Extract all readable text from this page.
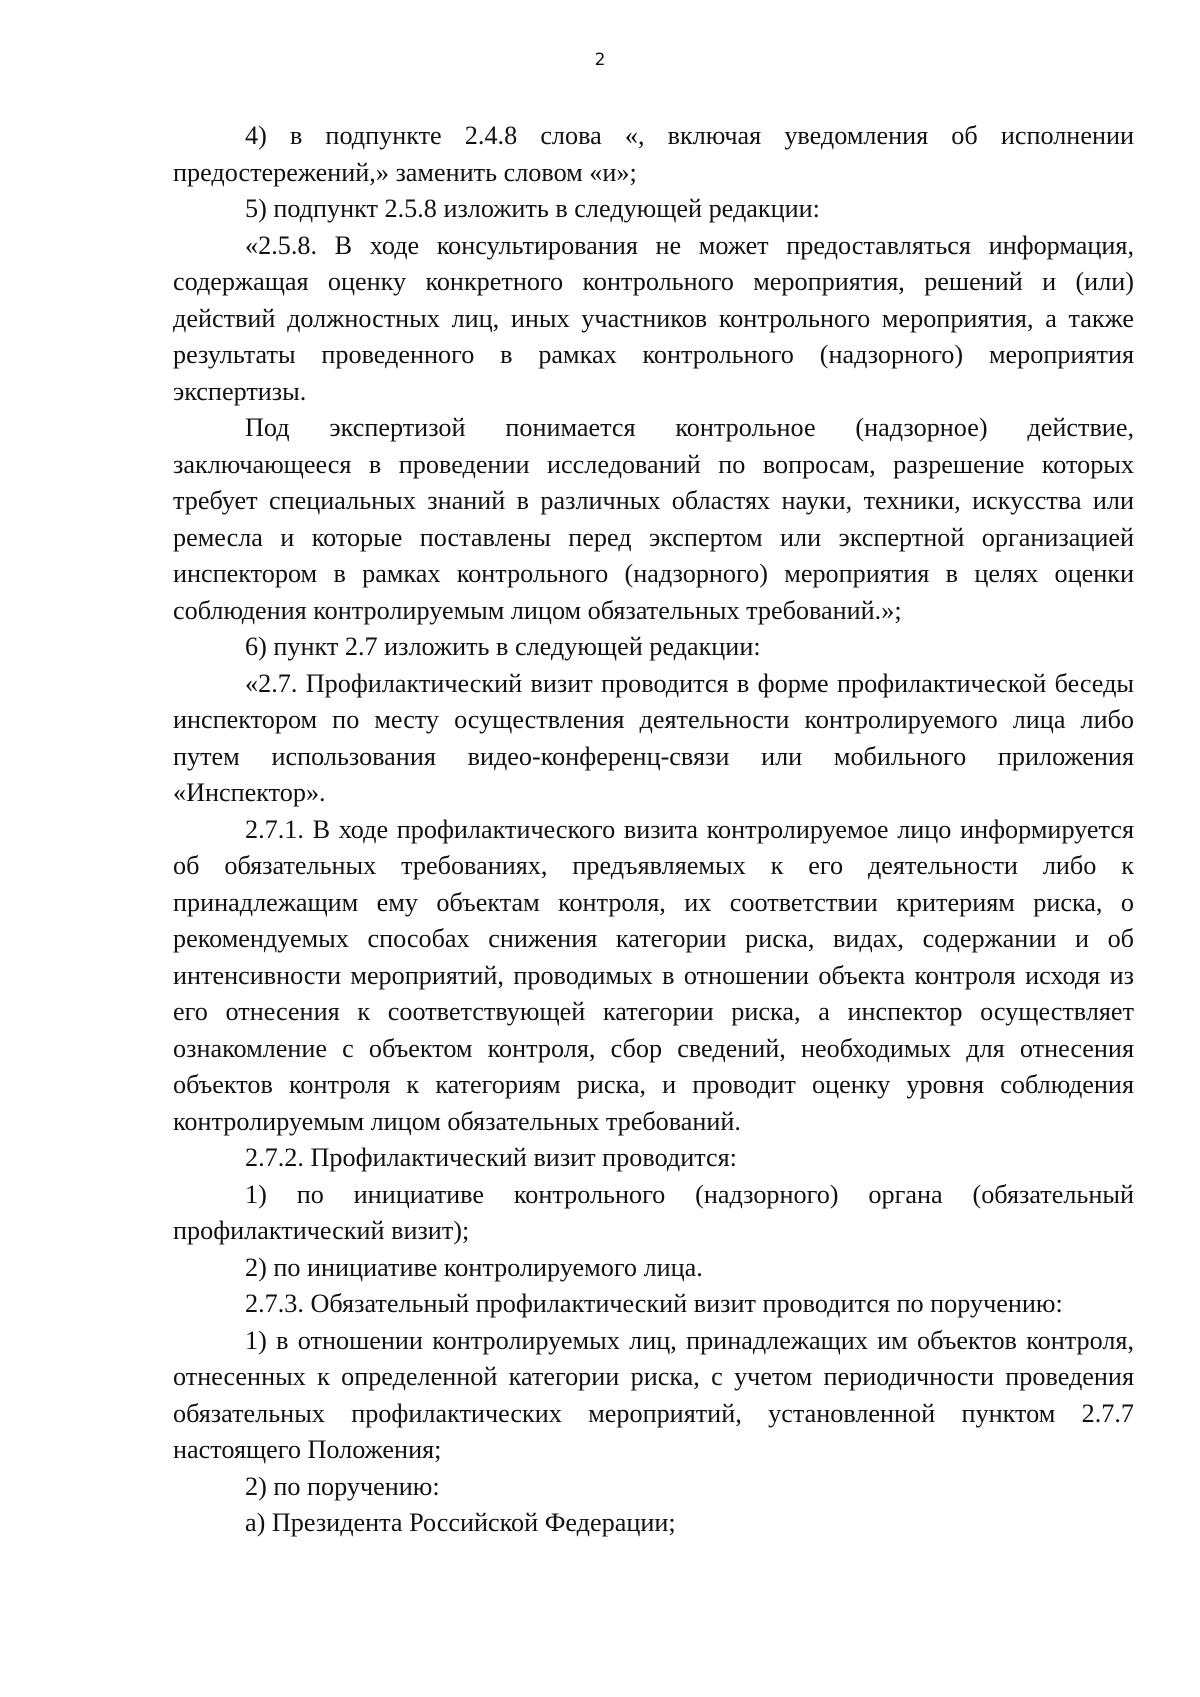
2

4) в подпункте 2.4.8 слова «, включая уведомления об исполнении предостережений,» заменить словом «и»;

5) подпункт 2.5.8 изложить в следующей редакции:

«2.5.8. В ходе консультирования не может предоставляться информация, содержащая оценку конкретного контрольного мероприятия, решений и (или) действий должностных лиц, иных участников контрольного мероприятия, а также результаты проведенного в рамках контрольного (надзорного) мероприятия экспертизы.

Под экспертизой понимается контрольное (надзорное) действие, заключающееся в проведении исследований по вопросам, разрешение которых требует специальных знаний в различных областях науки, техники, искусства или ремесла и которые поставлены перед экспертом или экспертной организацией инспектором в рамках контрольного (надзорного) мероприятия в целях оценки соблюдения контролируемым лицом обязательных требований.»;

6) пункт 2.7 изложить в следующей редакции:

«2.7. Профилактический визит проводится в форме профилактической беседы инспектором по месту осуществления деятельности контролируемого лица либо путем использования видео-конференц-связи или мобильного приложения «Инспектор».

2.7.1. В ходе профилактического визита контролируемое лицо информируется об обязательных требованиях, предъявляемых к его деятельности либо к принадлежащим ему объектам контроля, их соответствии критериям риска, о рекомендуемых способах снижения категории риска, видах, содержании и об интенсивности мероприятий, проводимых в отношении объекта контроля исходя из его отнесения к соответствующей категории риска, а инспектор осуществляет ознакомление с объектом контроля, сбор сведений, необходимых для отнесения объектов контроля к категориям риска, и проводит оценку уровня соблюдения контролируемым лицом обязательных требований.

2.7.2. Профилактический визит проводится:

1) по инициативе контрольного (надзорного) органа (обязательный профилактический визит);

2) по инициативе контролируемого лица.

2.7.3. Обязательный профилактический визит проводится по поручению:

1) в отношении контролируемых лиц, принадлежащих им объектов контроля, отнесенных к определенной категории риска, с учетом периодичности проведения обязательных профилактических мероприятий, установленной пунктом 2.7.7 настоящего Положения;

2) по поручению:

а) Президента Российской Федерации;
